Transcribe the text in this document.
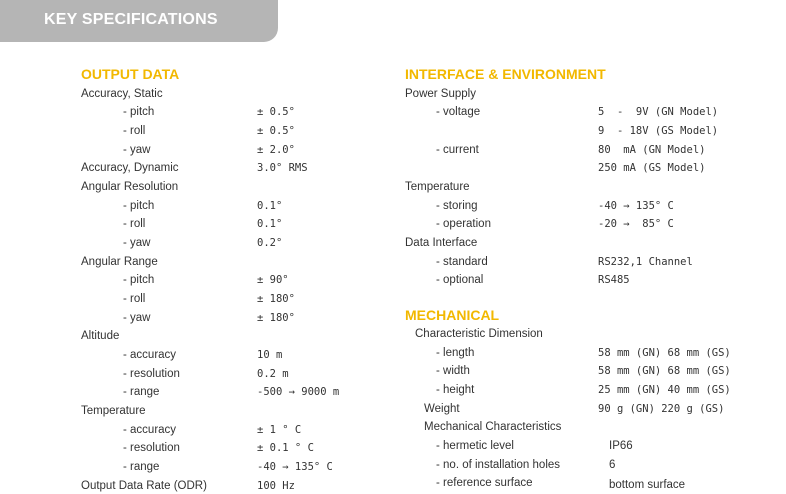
KEY SPECIFICATIONS
OUTPUT DATA	INTERFACE & ENVIRONMENT
MECHANICAL
Accuracy, Static
- pitch	± 0.5°
- roll	± 0.5°
- yaw	± 2.0°
Accuracy, Dynamic	3.0° RMS
Angular Resolution
- pitch	0.1°
- roll	0.1°
- yaw	0.2°
Angular Range
- pitch	± 90°
- roll	± 180°
- yaw	± 180°
Altitude
- accuracy	10 m
- resolution	0.2 m
- range	-500 → 9000 m
Temperature
- accuracy	± 1 ° C
- resolution	± 0.1 ° C
- range	-40 → 135° C
Output Data Rate (ODR)	100 Hz
Power Supply
- voltage	5  -  9V (GN Model)
9  - 18V (GS Model)
- current	80  mA (GN Model)
250 mA (GS Model)
Temperature
- storing	-40 → 135° C
- operation	-20 →  85° C
Data Interface
- standard	RS232,1 Channel
- optional	RS485
Characteristic Dimension
- length	58 mm (GN) 68 mm (GS)
- width	58 mm (GN) 68 mm (GS)
- height	25 mm (GN) 40 mm (GS)
Weight	90 g (GN) 220 g (GS)
Mechanical Characteristics
- hermetic level	IP66
- no. of installation holes	6
- reference surface	bottom surface
